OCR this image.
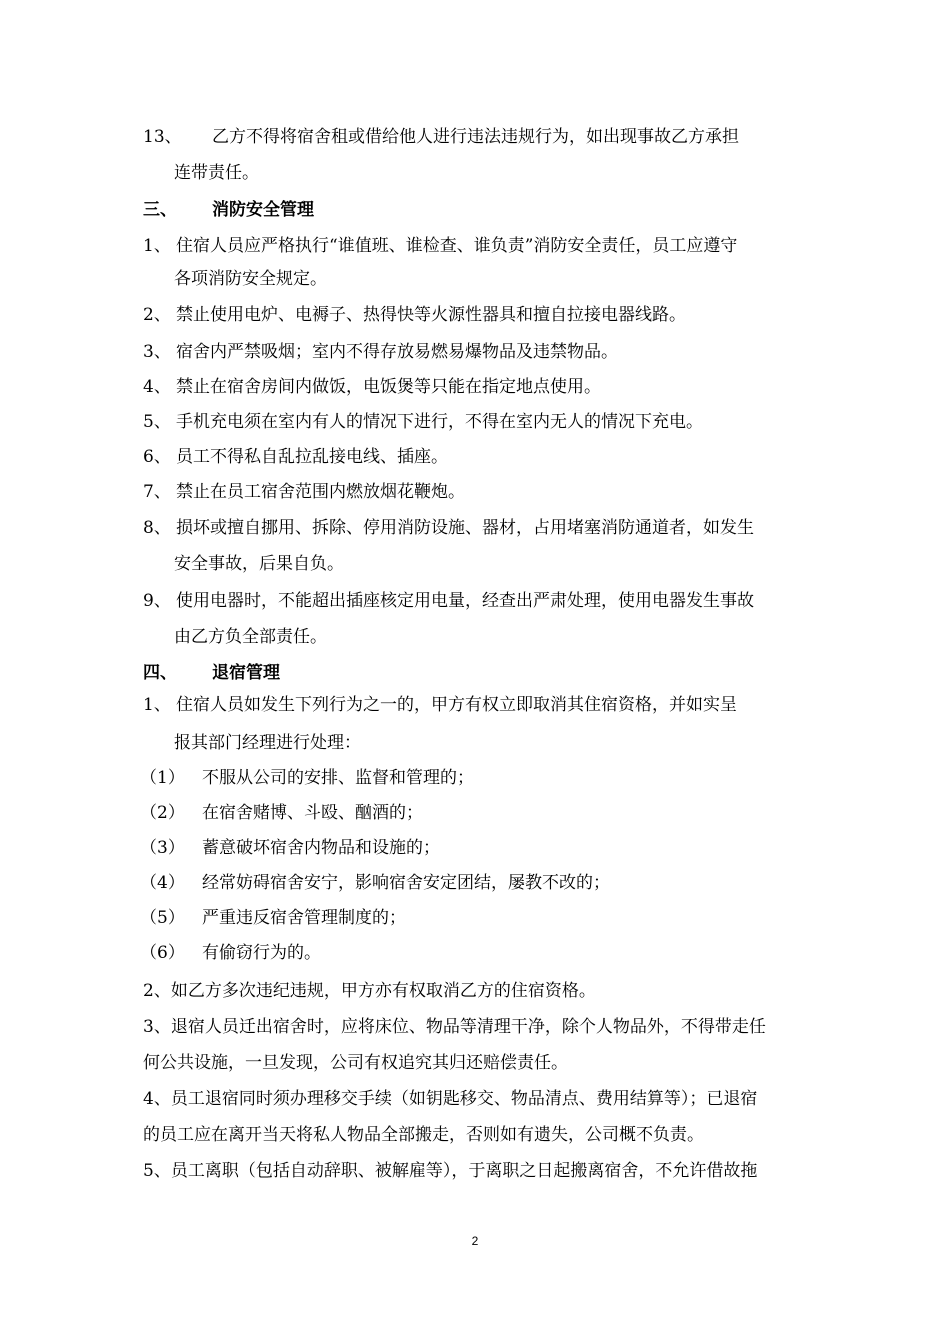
13、 乙方不得将宿舍租或借给他人进行违法违规行为，如出现事故乙方承担
连带责任。
三、 消防安全管理
1、 住宿人员应严格执行“谁值班、谁检查、谁负责”消防安全责任，员工应遵守
各项消防安全规定。
2、 禁止使用电炉、电褥子、热得快等火源性器具和擅自拉接电器线路。
3、 宿舍内严禁吸烟；室内不得存放易燃易爆物品及违禁物品。
4、 禁止在宿舍房间内做饭，电饭煲等只能在指定地点使用。
5、 手机充电须在室内有人的情况下进行，不得在室内无人的情况下充电。
6、 员工不得私自乱拉乱接电线、插座。
7、 禁止在员工宿舍范围内燃放烟花鞭炮。
8、 损坏或擅自挪用、拆除、停用消防设施、器材，占用堵塞消防通道者，如发生
安全事故，后果自负。
9、 使用电器时，不能超出插座核定用电量，经查出严肃处理，使用电器发生事故
由乙方负全部责任。
四、 退宿管理
1、 住宿人员如发生下列行为之一的，甲方有权立即取消其住宿资格，并如实呈
报其部门经理进行处理：
（1） 不服从公司的安排、监督和管理的；
（2） 在宿舍赌博、斗殴、酗酒的；
（3） 蓄意破坏宿舍内物品和设施的；
（4） 经常妨碍宿舍安宁，影响宿舍安定团结，屡教不改的；
（5） 严重违反宿舍管理制度的；
（6） 有偷窃行为的。
2、如乙方多次违纪违规，甲方亦有权取消乙方的住宿资格。
3、退宿人员迁出宿舍时，应将床位、物品等清理干净，除个人物品外，不得带走任
何公共设施，一旦发现，公司有权追究其归还赔偿责任。
4、员工退宿同时须办理移交手续（如钥匙移交、物品清点、费用结算等）；已退宿
的员工应在离开当天将私人物品全部搬走，否则如有遗失，公司概不负责。
5、员工离职（包括自动辞职、被解雇等），于离职之日起搬离宿舍，不允许借故拖
2
